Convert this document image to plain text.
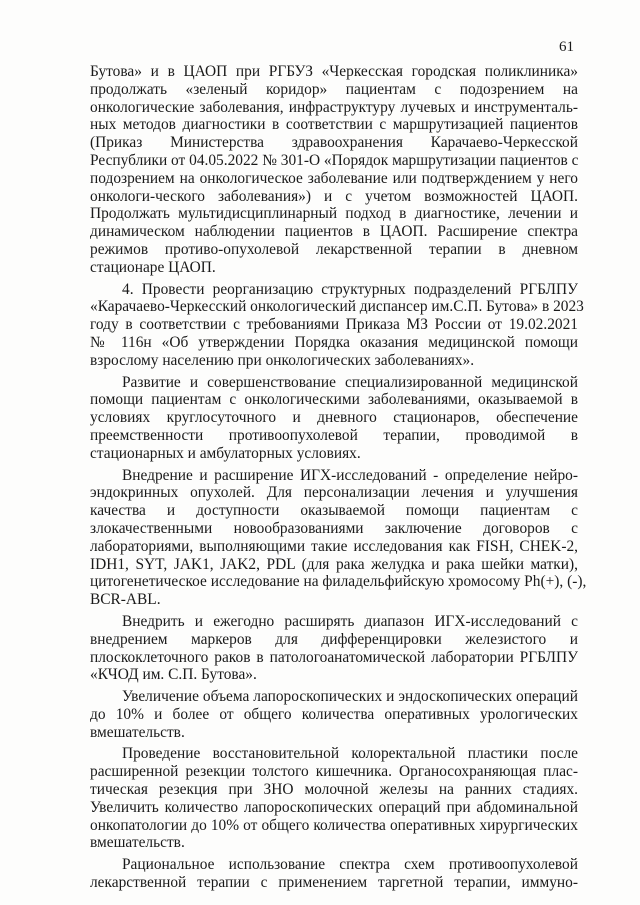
61
Бутова» и в ЦАОП при РГБУЗ «Черкесская городская поликлиника»
продолжать «зеленый коридор» пациентам с подозрением на
онкологические заболевания, инфраструктуру лучевых и инструменталь-
ных методов диагностики в соответствии с маршрутизацией пациентов
(Приказ Министерства здравоохранения Карачаево-Черкесской
Республики от 04.05.2022 № 301-О «Порядок маршрутизации пациентов с
подозрением на онкологическое заболевание или подтверждением у него
онкологи-ческого заболевания») и с учетом возможностей ЦАОП.
Продолжать мультидисциплинарный подход в диагностике, лечении и
динамическом наблюдении пациентов в ЦАОП. Расширение спектра
режимов противо-опухолевой лекарственной терапии в дневном
стационаре ЦАОП.
4. Провести реорганизацию структурных подразделений РГБЛПУ
«Карачаево-Черкесский онкологический диспансер им.С.П. Бутова» в 2023
году в соответствии с требованиями Приказа МЗ России от 19.02.2021
№ 116н «Об утверждении Порядка оказания медицинской помощи
взрослому населению при онкологических заболеваниях».
Развитие и совершенствование специализированной медицинской
помощи пациентам с онкологическими заболеваниями, оказываемой в
условиях круглосуточного и дневного стационаров, обеспечение
преемственности противоопухолевой терапии, проводимой в
стационарных и амбулаторных условиях.
Внедрение и расширение ИГХ-исследований - определение нейро-
эндокринных опухолей. Для персонализации лечения и улучшения
качества и доступности оказываемой помощи пациентам с
злокачественными новообразованиями заключение договоров с
лабораториями, выполняющими такие исследования как FISH, CHEK-2,
IDH1, SYT, JAK1, JAK2, PDL (для рака желудка и рака шейки матки),
цитогенетическое исследование на филадельфийскую хромосому Ph(+), (-),
BCR-ABL.
Внедрить и ежегодно расширять диапазон ИГХ-исследований с
внедрением маркеров для дифференцировки железистого и
плоскоклеточного раков в патологоанатомической лаборатории РГБЛПУ
«КЧОД им. С.П. Бутова».
Увеличение объема лапороскопических и эндоскопических операций
до 10% и более от общего количества оперативных урологических
вмешательств.
Проведение восстановительной колоректальной пластики после
расширенной резекции толстого кишечника. Органосохраняющая плас-
тическая резекция при ЗНО молочной железы на ранних стадиях.
Увеличить количество лапороскопических операций при абдоминальной
онкопатологии до 10% от общего количества оперативных хирургических
вмешательств.
Рациональное использование спектра схем противоопухолевой
лекарственной терапии с применением таргетной терапии, иммуно-
